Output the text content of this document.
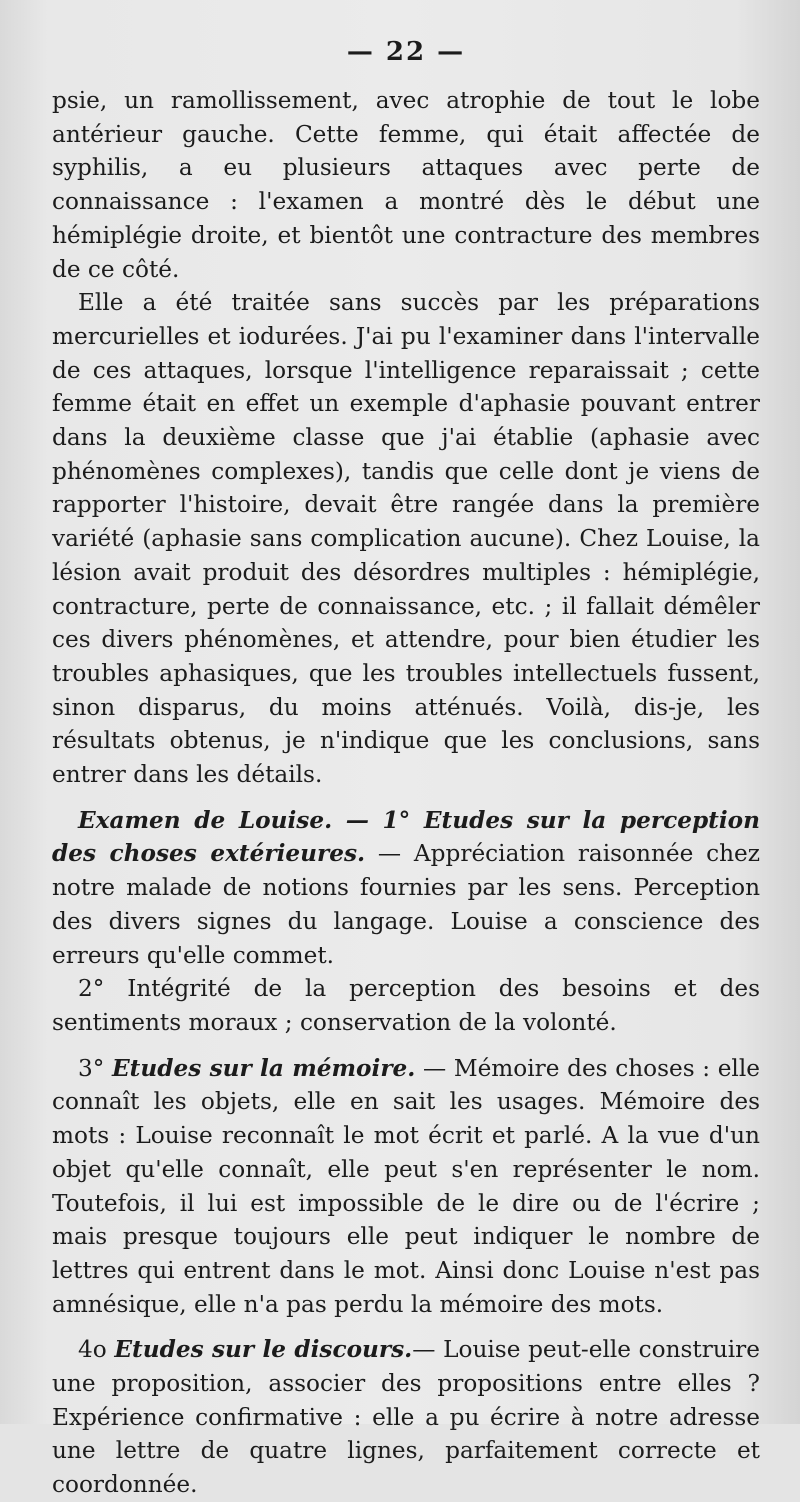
— 22 —

psie, un ramollissement, avec atrophie de tout le lobe antérieur gauche. Cette femme, qui était affectée de syphilis, a eu plusieurs attaques avec perte de connaissance : l'examen a montré dès le début une hémiplégie droite, et bientôt une contracture des membres de ce côté.

Elle a été traitée sans succès par les préparations mercurielles et iodurées. J'ai pu l'examiner dans l'intervalle de ces attaques, lorsque l'intelligence reparaissait ; cette femme était en effet un exemple d'aphasie pouvant entrer dans la deuxième classe que j'ai établie (aphasie avec phénomènes complexes), tandis que celle dont je viens de rapporter l'histoire, devait être rangée dans la première variété (aphasie sans complication aucune). Chez Louise, la lésion avait produit des désordres multiples : hémiplégie, contracture, perte de connaissance, etc. ; il fallait démêler ces divers phénomènes, et attendre, pour bien étudier les troubles aphasiques, que les troubles intellectuels fussent, sinon disparus, du moins atténués. Voilà, dis-je, les résultats obtenus, je n'indique que les conclusions, sans entrer dans les détails.

Examen de Louise. — 1° Etudes sur la perception des choses extérieures. — Appréciation raisonnée chez notre malade de notions fournies par les sens. Perception des divers signes du langage. Louise a conscience des erreurs qu'elle commet.

2° Intégrité de la perception des besoins et des sentiments moraux ; conservation de la volonté.

3° Etudes sur la mémoire. — Mémoire des choses : elle connaît les objets, elle en sait les usages. Mémoire des mots : Louise reconnaît le mot écrit et parlé. A la vue d'un objet qu'elle connaît, elle peut s'en représenter le nom. Toutefois, il lui est impossible de le dire ou de l'écrire ; mais presque toujours elle peut indiquer le nombre de lettres qui entrent dans le mot. Ainsi donc Louise n'est pas amnésique, elle n'a pas perdu la mémoire des mots.

4o Etudes sur le discours.— Louise peut-elle construire une proposition, associer des propositions entre elles ? Expérience confirmative : elle a pu écrire à notre adresse une lettre de quatre lignes, parfaitement correcte et coordonnée.
